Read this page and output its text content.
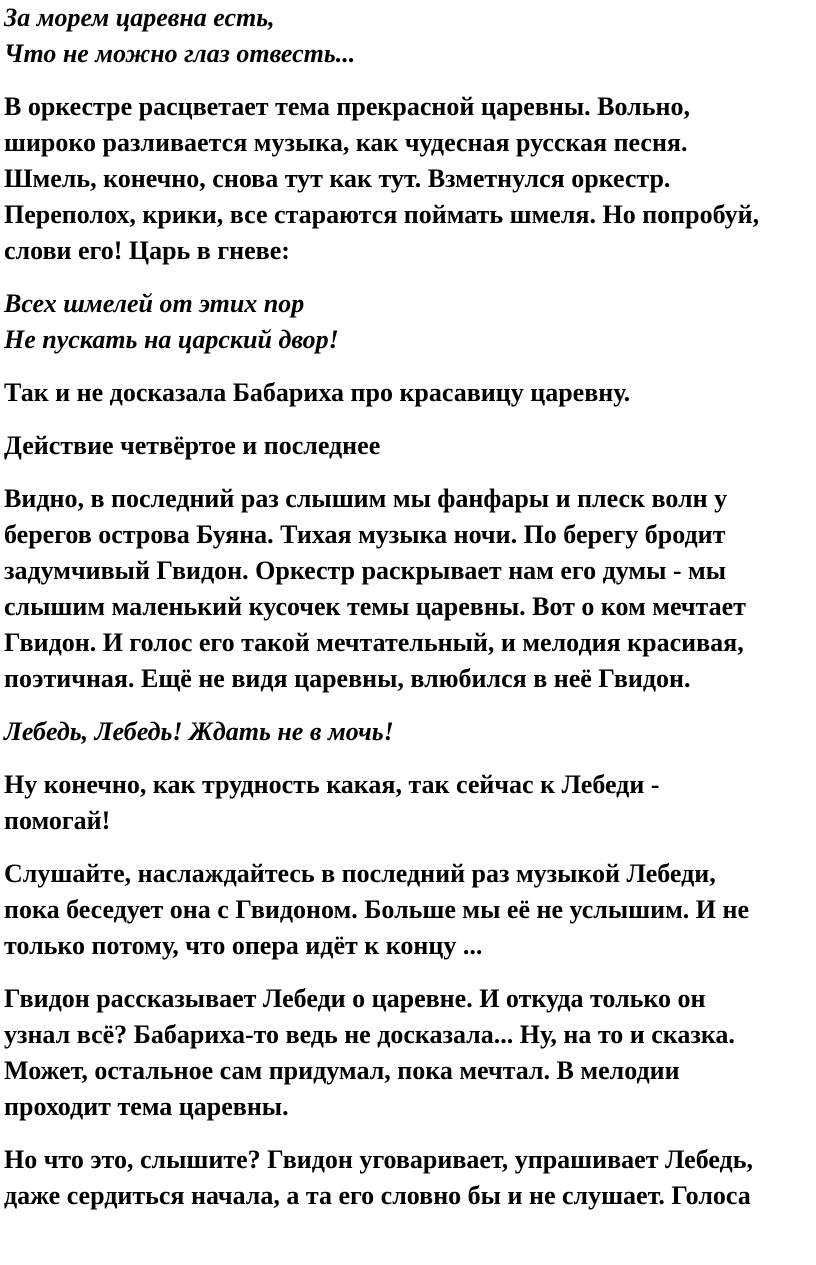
За морем царевна есть,
Что не можно глаз отвесть...

В оркестре расцветает тема прекрасной царевны. Вольно,
широко разливается музыка, как чудесная русская песня.
Шмель, конечно, снова тут как тут. Взметнулся оркестр.
Переполох, крики, все стараются поймать шмеля. Но попробуй,
слови его! Царь в гневе:

Всех шмелей от этих пор
Не пускать на царский двор!

Так и не досказала Бабариха про красавицу царевну.

Действие четвёртое и последнее

Видно, в последний раз слышим мы фанфары и плеск волн у
берегов острова Буяна. Тихая музыка ночи. По берегу бродит
задумчивый Гвидон. Оркестр раскрывает нам его думы - мы
слышим маленький кусочек темы царевны. Вот о ком мечтает
Гвидон. И голос его такой мечтательный, и мелодия красивая,
поэтичная. Ещё не видя царевны, влюбился в неё Гвидон.

Лебедь, Лебедь! Ждать не в мочь!

Ну конечно, как трудность какая, так сейчас к Лебеди -
помогай!

Слушайте, наслаждайтесь в последний раз музыкой Лебеди,
пока беседует она с Гвидоном. Больше мы её не услышим. И не
только потому, что опера идёт к концу ...

Гвидон рассказывает Лебеди о царевне. И откуда только он
узнал всё? Бабариха-то ведь не досказала... Ну, на то и сказка.
Может, остальное сам придумал, пока мечтал. В мелодии
проходит тема царевны.

Но что это, слышите? Гвидон уговаривает, упрашивает Лебедь,
даже сердиться начала, а та его словно бы и не слушает. Голоса
